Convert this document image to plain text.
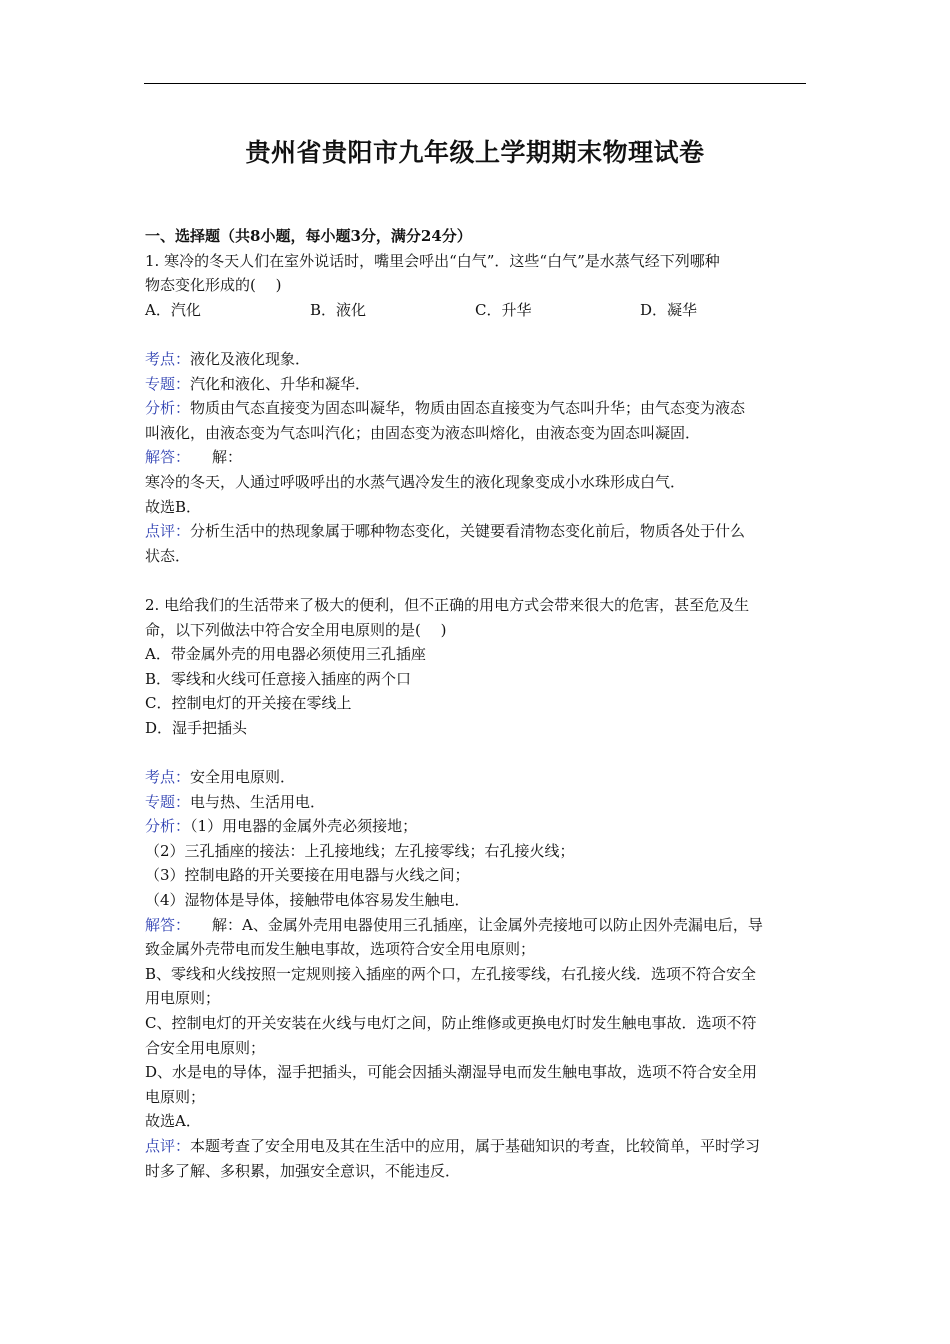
贵州省贵阳市九年级上学期期末物理试卷
一、选择题（共8小题，每小题3分，满分24分）
1. 寒冷的冬天人们在室外说话时，嘴里会呼出“白气”．这些“白气”是水蒸气经下列哪种
物态变化形成的(　 )
A．汽化	B．液化	C．升华	D．凝华
考点：液化及液化现象．
专题：汽化和液化、升华和凝华．
分析：物质由气态直接变为固态叫凝华，物质由固态直接变为气态叫升华；由气态变为液态
叫液化，由液态变为气态叫汽化；由固态变为液态叫熔化，由液态变为固态叫凝固．
解答： 解：
寒冷的冬天，人通过呼吸呼出的水蒸气遇冷发生的液化现象变成小水珠形成白气．
故选B．
点评：分析生活中的热现象属于哪种物态变化，关键要看清物态变化前后，物质各处于什么
状态．
2. 电给我们的生活带来了极大的便利，但不正确的用电方式会带来很大的危害，甚至危及生
命，以下列做法中符合安全用电原则的是(　 )
A．带金属外壳的用电器必须使用三孔插座
B．零线和火线可任意接入插座的两个口
C．控制电灯的开关接在零线上
D．湿手把插头
考点：安全用电原则．
专题：电与热、生活用电．
分析：（1）用电器的金属外壳必须接地；
（2）三孔插座的接法：上孔接地线；左孔接零线；右孔接火线；
（3）控制电路的开关要接在用电器与火线之间；
（4）湿物体是导体，接触带电体容易发生触电．
解答： 解：A、金属外壳用电器使用三孔插座，让金属外壳接地可以防止因外壳漏电后，导
致金属外壳带电而发生触电事故，选项符合安全用电原则；
B、零线和火线按照一定规则接入插座的两个口，左孔接零线，右孔接火线．选项不符合安全
用电原则；
C、控制电灯的开关安装在火线与电灯之间，防止维修或更换电灯时发生触电事故．选项不符
合安全用电原则；
D、水是电的导体，湿手把插头，可能会因插头潮湿导电而发生触电事故，选项不符合安全用
电原则；
故选A．
点评：本题考查了安全用电及其在生活中的应用，属于基础知识的考查，比较简单，平时学习
时多了解、多积累，加强安全意识，不能违反．
